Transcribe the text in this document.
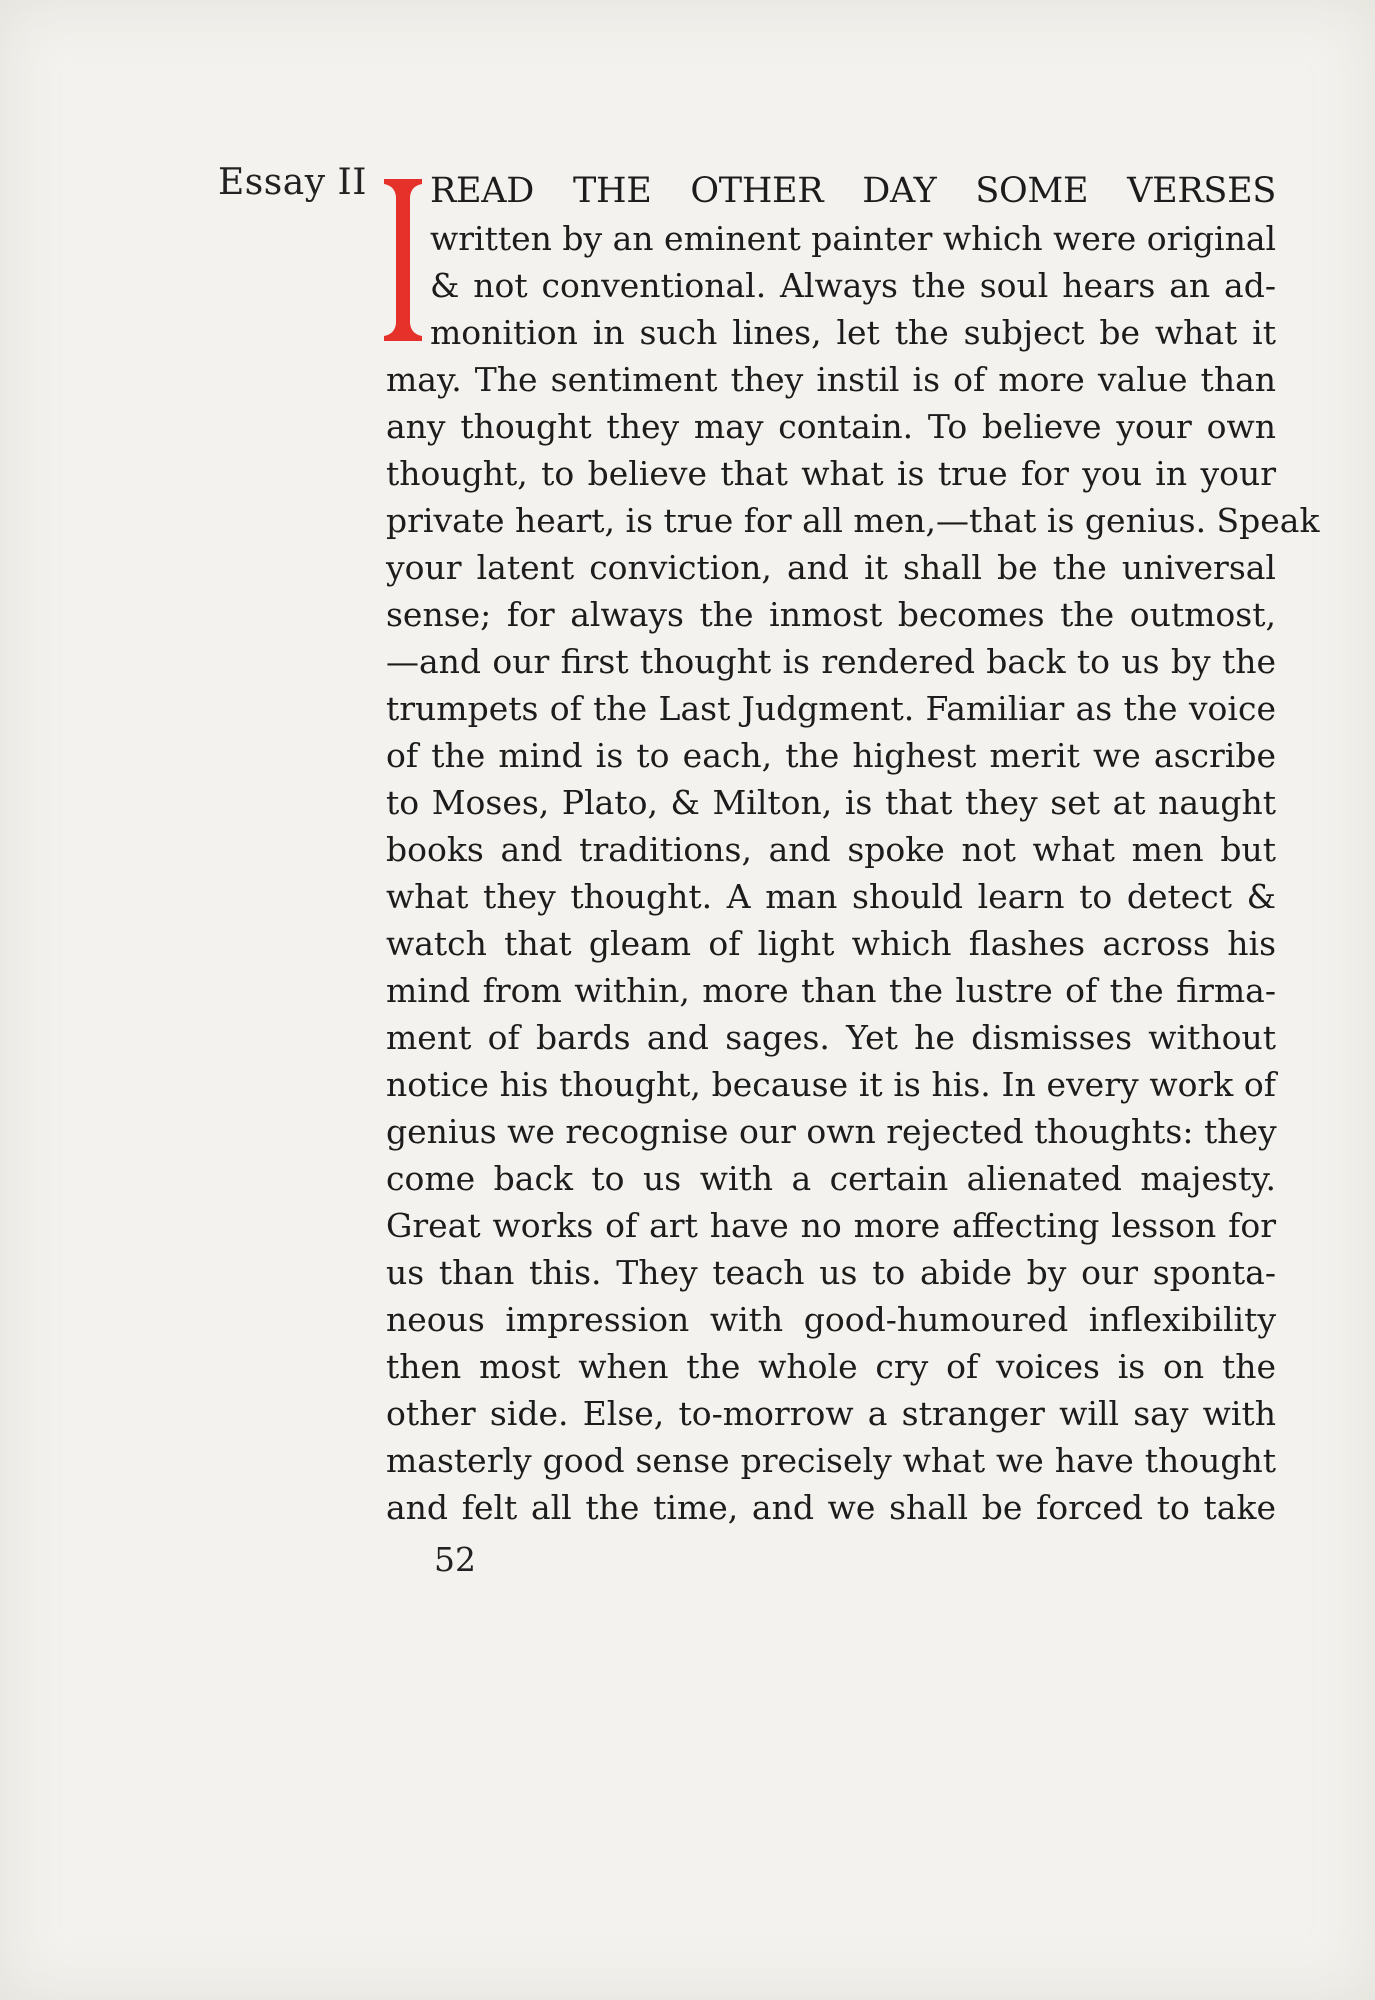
Essay II	READ THE OTHER DAY SOME VERSES
written by an eminent painter which were original
& not conventional. Always the soul hears an ad-
monition in such lines, let the subject be what it
may. The sentiment they instil is of more value than
any thought they may contain. To believe your own
thought, to believe that what is true for you in your
private heart, is true for all men,—that is genius. Speak
your latent conviction, and it shall be the universal
sense; for always the inmost becomes the outmost,
—and our first thought is rendered back to us by the
trumpets of the Last Judgment. Familiar as the voice
of the mind is to each, the highest merit we ascribe
to Moses, Plato, & Milton, is that they set at naught
books and traditions, and spoke not what men but
what they thought. A man should learn to detect &
watch that gleam of light which flashes across his
mind from within, more than the lustre of the firma-
ment of bards and sages. Yet he dismisses without
notice his thought, because it is his. In every work of
genius we recognise our own rejected thoughts: they
come back to us with a certain alienated majesty.
Great works of art have no more affecting lesson for
us than this. They teach us to abide by our sponta-
neous impression with good-humoured inflexibility
then most when the whole cry of voices is on the
other side. Else, to-morrow a stranger will say with
masterly good sense precisely what we have thought
and felt all the time, and we shall be forced to take
52
